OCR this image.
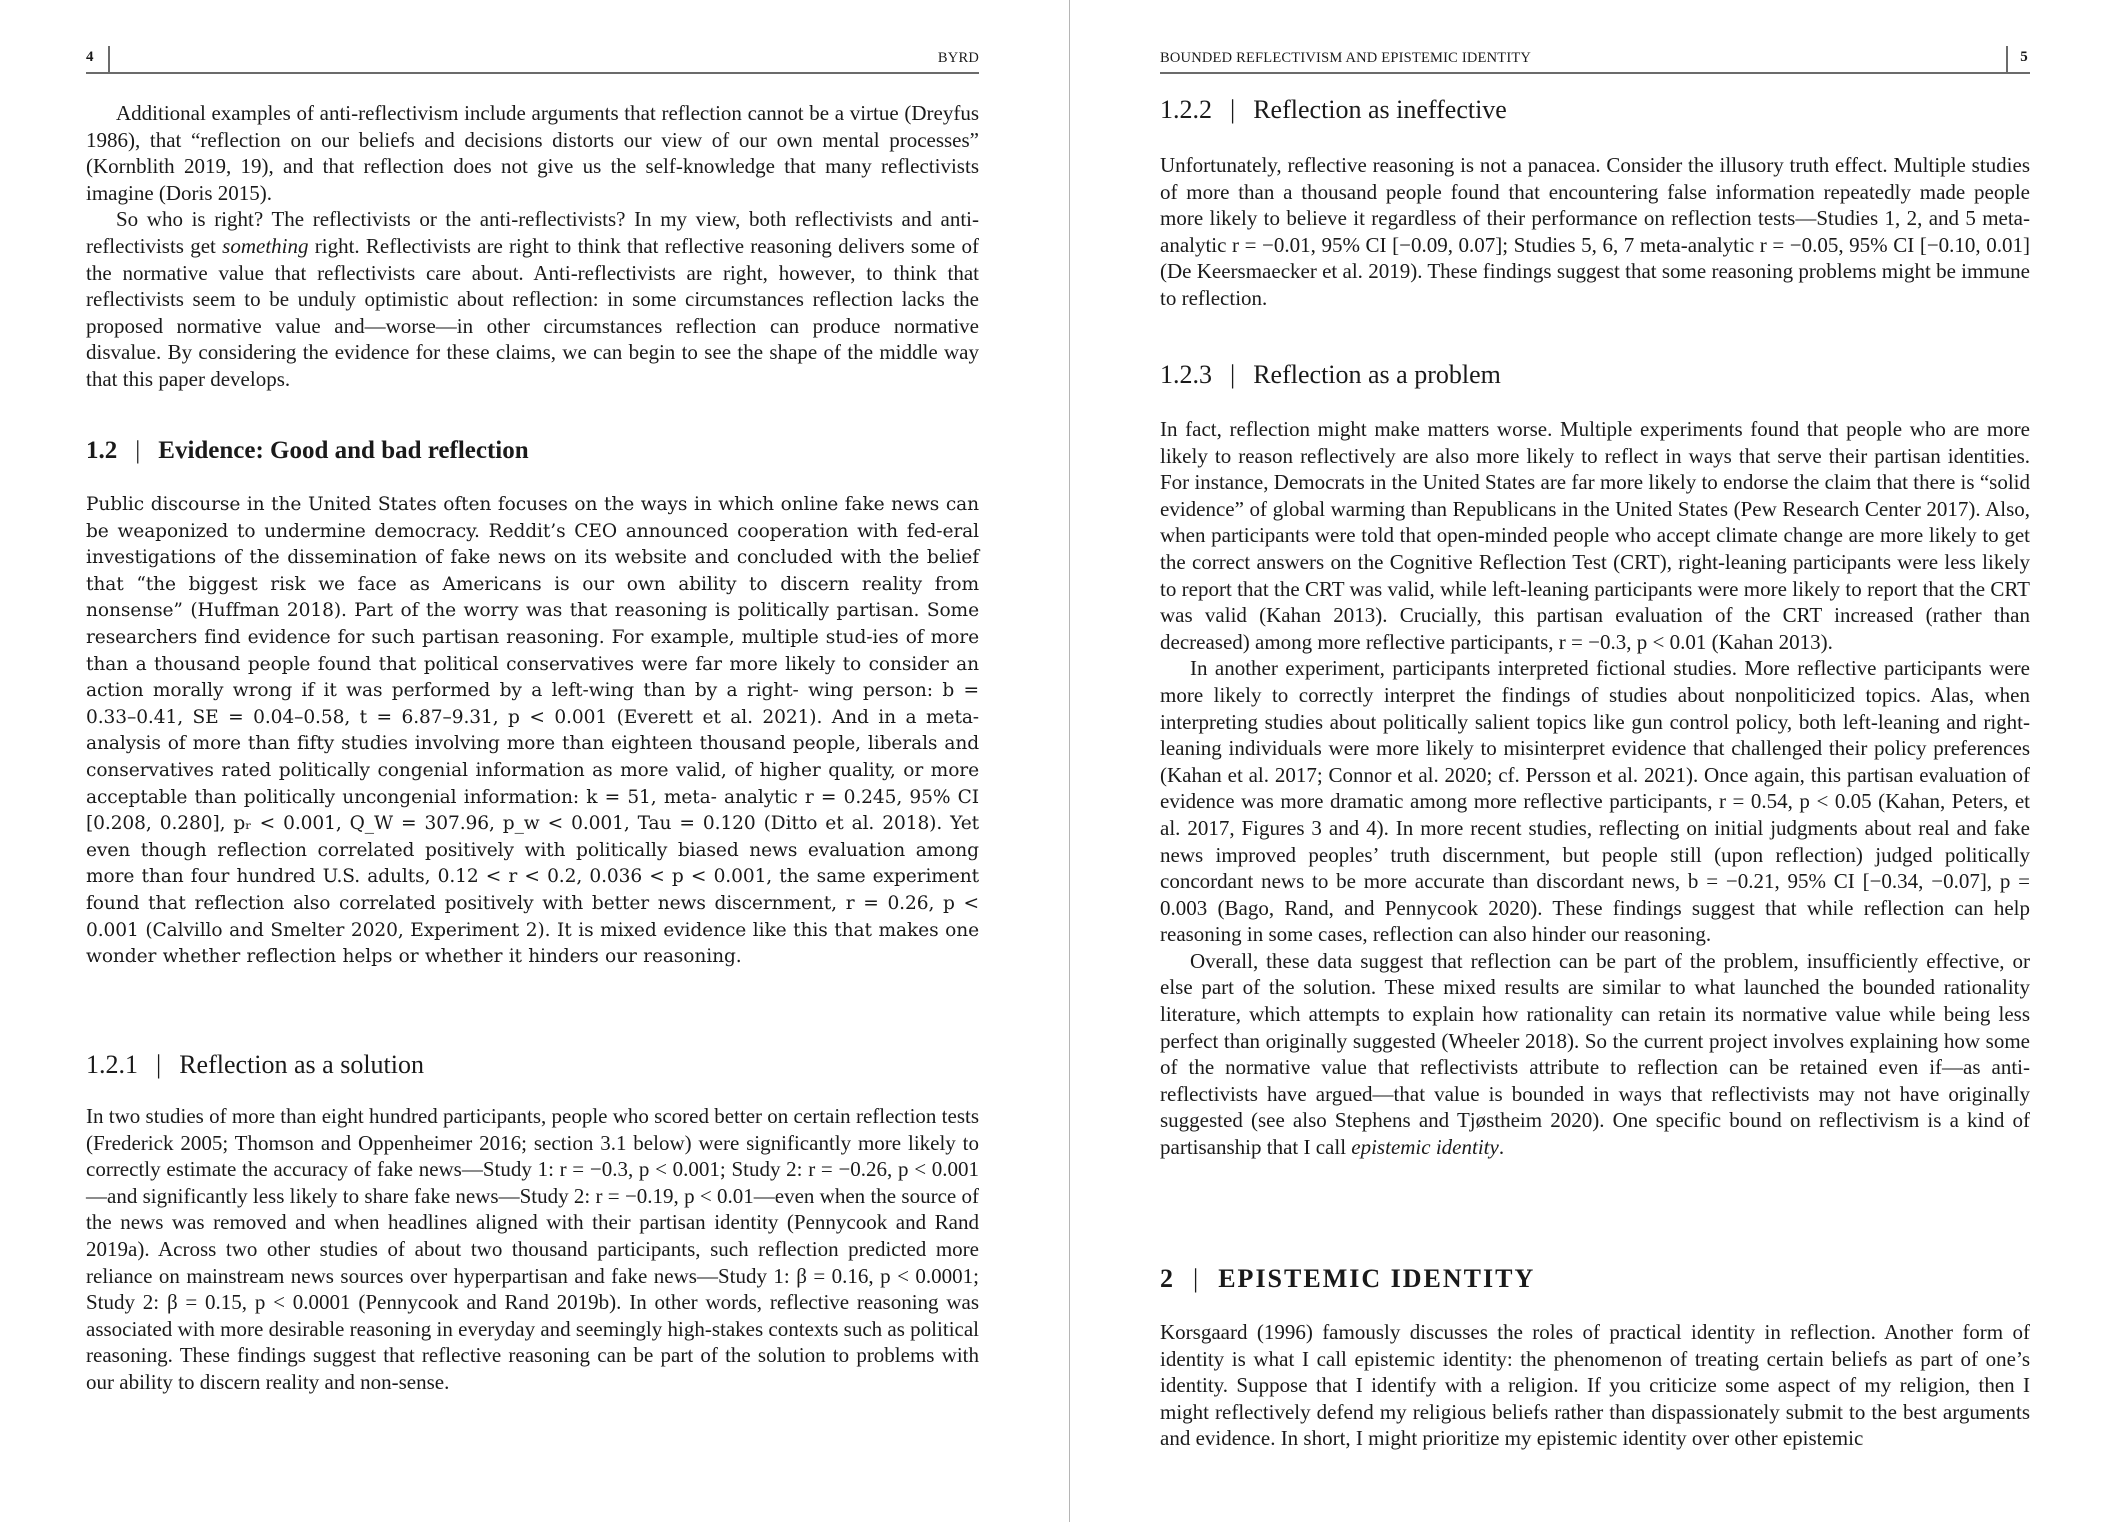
4	BYRD

Additional examples of anti-reflectivism include arguments that reflection cannot be a virtue (Dreyfus 1986), that “reflection on our beliefs and decisions distorts our view of our own mental processes” (Kornblith 2019, 19), and that reflection does not give us the self-knowledge that many reflectivists imagine (Doris 2015).

So who is right? The reflectivists or the anti-reflectivists? In my view, both reflectivists and anti-reflectivists get something right. Reflectivists are right to think that reflective reasoning delivers some of the normative value that reflectivists care about. Anti-reflectivists are right, however, to think that reflectivists seem to be unduly optimistic about reflection: in some circumstances reflection lacks the proposed normative value and—worse—in other circumstances reflection can produce normative disvalue. By considering the evidence for these claims, we can begin to see the shape of the middle way that this paper develops.

1.2 | Evidence: Good and bad reflection

Public discourse in the United States often focuses on the ways in which online fake news can be weaponized to undermine democracy. Reddit’s CEO announced cooperation with fed-eral investigations of the dissemination of fake news on its website and concluded with the belief that “the biggest risk we face as Americans is our own ability to discern reality from nonsense” (Huffman 2018). Part of the worry was that reasoning is politically partisan. Some researchers find evidence for such partisan reasoning. For example, multiple stud-ies of more than a thousand people found that political conservatives were far more likely to consider an action morally wrong if it was performed by a left-wing than by a right- wing person: b = 0.33–0.41, SE = 0.04–0.58, t = 6.87–9.31, p < 0.001 (Everett et al. 2021). And in a meta- analysis of more than fifty studies involving more than eighteen thousand people, liberals and conservatives rated politically congenial information as more valid, of higher quality, or more acceptable than politically uncongenial information: k = 51, meta- analytic r = 0.245, 95% CI [0.208, 0.280], pᵣ < 0.001, Q_W = 307.96, p_w < 0.001, Tau = 0.120 (Ditto et al. 2018). Yet even though reflection correlated positively with politically biased news evaluation among more than four hundred U.S. adults, 0.12 < r < 0.2, 0.036 < p < 0.001, the same experiment found that reflection also correlated positively with better news discernment, r = 0.26, p < 0.001 (Calvillo and Smelter 2020, Experiment 2). It is mixed evidence like this that makes one wonder whether reflection helps or whether it hinders our reasoning.

1.2.1 | Reflection as a solution

In two studies of more than eight hundred participants, people who scored better on certain reflection tests (Frederick 2005; Thomson and Oppenheimer 2016; section 3.1 below) were significantly more likely to correctly estimate the accuracy of fake news—Study 1: r = −0.3, p < 0.001; Study 2: r = −0.26, p < 0.001—and significantly less likely to share fake news—Study 2: r = −0.19, p < 0.01—even when the source of the news was removed and when headlines aligned with their partisan identity (Pennycook and Rand 2019a). Across two other studies of about two thousand participants, such reflection predicted more reliance on mainstream news sources over hyperpartisan and fake news—Study 1: β = 0.16, p < 0.0001; Study 2: β = 0.15, p < 0.0001 (Pennycook and Rand 2019b). In other words, reflective reasoning was associated with more desirable reasoning in everyday and seemingly high-stakes contexts such as political reasoning. These findings suggest that reflective reasoning can be part of the solution to problems with our ability to discern reality and non-sense.

BOUNDED REFLECTIVISM AND EPISTEMIC IDENTITY	5
1.2.2 | Reflection as ineffective

Unfortunately, reflective reasoning is not a panacea. Consider the illusory truth effect. Multiple studies of more than a thousand people found that encountering false information repeatedly made people more likely to believe it regardless of their performance on reflection tests—Studies 1, 2, and 5 meta-analytic r = −0.01, 95% CI [−0.09, 0.07]; Studies 5, 6, 7 meta-analytic r = −0.05, 95% CI [−0.10, 0.01] (De Keersmaecker et al. 2019). These findings suggest that some reasoning problems might be immune to reflection.

1.2.3 | Reflection as a problem

In fact, reflection might make matters worse. Multiple experiments found that people who are more likely to reason reflectively are also more likely to reflect in ways that serve their partisan identities. For instance, Democrats in the United States are far more likely to endorse the claim that there is “solid evidence” of global warming than Republicans in the United States (Pew Research Center 2017). Also, when participants were told that open-minded people who accept climate change are more likely to get the correct answers on the Cognitive Reflection Test (CRT), right-leaning participants were less likely to report that the CRT was valid, while left-leaning participants were more likely to report that the CRT was valid (Kahan 2013). Crucially, this partisan evaluation of the CRT increased (rather than decreased) among more reflective participants, r = −0.3, p < 0.01 (Kahan 2013).

In another experiment, participants interpreted fictional studies. More reflective participants were more likely to correctly interpret the findings of studies about nonpoliticized topics. Alas, when interpreting studies about politically salient topics like gun control policy, both left-leaning and right-leaning individuals were more likely to misinterpret evidence that challenged their policy preferences (Kahan et al. 2017; Connor et al. 2020; cf. Persson et al. 2021). Once again, this partisan evaluation of evidence was more dramatic among more reflective participants, r = 0.54, p < 0.05 (Kahan, Peters, et al. 2017, Figures 3 and 4). In more recent studies, reflecting on initial judgments about real and fake news improved peoples’ truth discernment, but people still (upon reflection) judged politically concordant news to be more accurate than discordant news, b = −0.21, 95% CI [−0.34, −0.07], p = 0.003 (Bago, Rand, and Pennycook 2020). These findings suggest that while reflection can help reasoning in some cases, reflection can also hinder our reasoning.

Overall, these data suggest that reflection can be part of the problem, insufficiently effective, or else part of the solution. These mixed results are similar to what launched the bounded rationality literature, which attempts to explain how rationality can retain its normative value while being less perfect than originally suggested (Wheeler 2018). So the current project involves explaining how some of the normative value that reflectivists attribute to reflection can be retained even if—as anti-reflectivists have argued—that value is bounded in ways that reflectivists may not have originally suggested (see also Stephens and Tjøstheim 2020). One specific bound on reflectivism is a kind of partisanship that I call epistemic identity.

2 | EPISTEMIC IDENTITY

Korsgaard (1996) famously discusses the roles of practical identity in reflection. Another form of identity is what I call epistemic identity: the phenomenon of treating certain beliefs as part of one’s identity. Suppose that I identify with a religion. If you criticize some aspect of my religion, then I might reflectively defend my religious beliefs rather than dispassionately submit to the best arguments and evidence. In short, I might prioritize my epistemic identity over other epistemic
